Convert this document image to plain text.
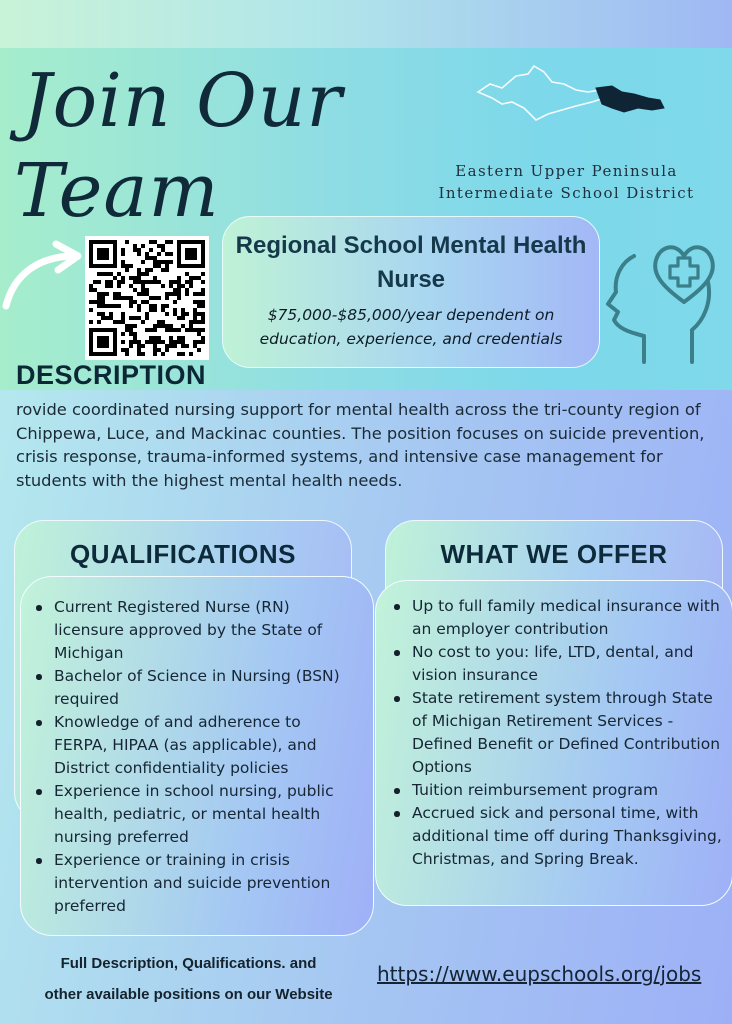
Join Our
Team	Eastern Upper Peninsula
Intermediate School District
Regional School Mental Health Nurse
$75,000-$85,000/year dependent on
education, experience, and credentials
DESCRIPTION
rovide coordinated nursing support for mental health across the tri-county region of Chippewa, Luce, and Mackinac counties. The position focuses on suicide prevention, crisis response, trauma-informed systems, and intensive case management for students with the highest mental health needs.
QUALIFICATIONS	WHAT WE OFFER
Current Registered Nurse (RN) licensure approved by the State of Michigan
Bachelor of Science in Nursing (BSN) required
Knowledge of and adherence to FERPA, HIPAA (as applicable), and District confidentiality policies
Experience in school nursing, public health, pediatric, or mental health nursing preferred
Experience or training in crisis intervention and suicide prevention preferred
Up to full family medical insurance with an employer contribution
No cost to you: life, LTD, dental, and vision insurance
State retirement system through State of Michigan Retirement Services - Defined Benefit or Defined Contribution Options
Tuition reimbursement program
Accrued sick and personal time, with additional time off during Thanksgiving, Christmas, and Spring Break.
Full Description, Qualifications. and
other available positions on our Website
https://www.eupschools.org/jobs
